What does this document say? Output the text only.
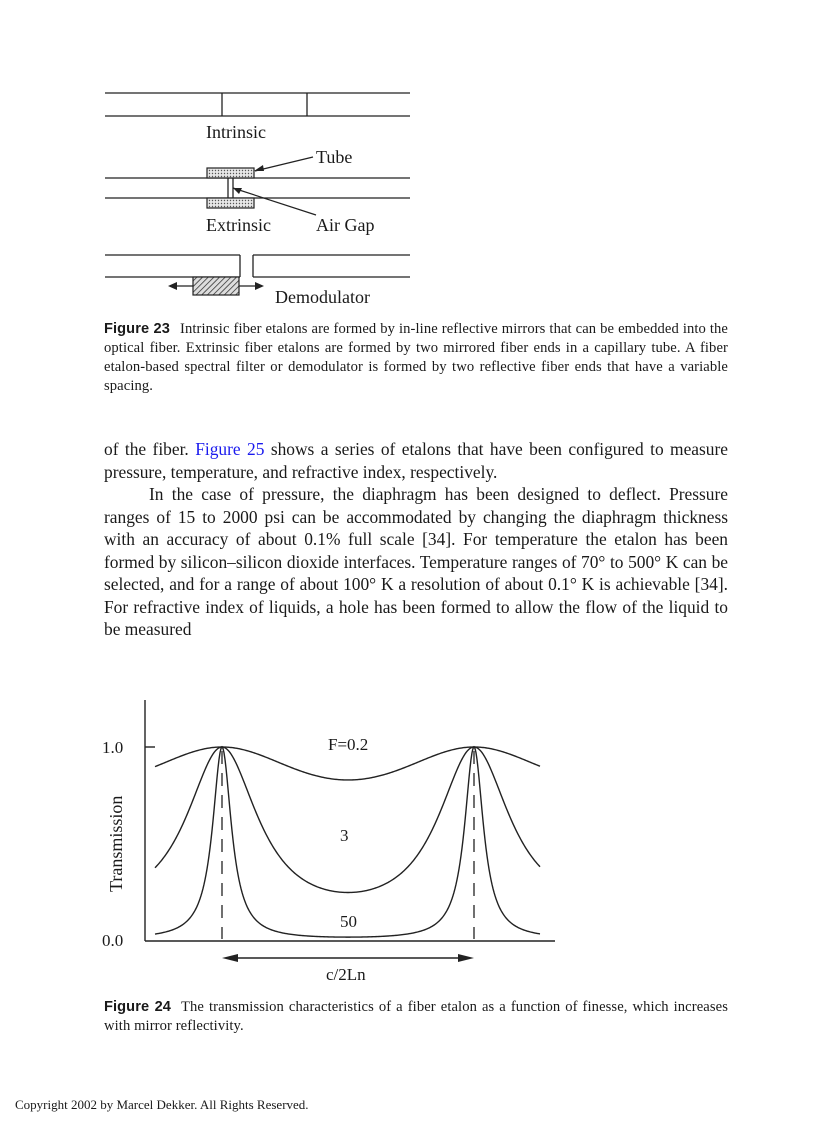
Intrinsic
Tube
Extrinsic	Air Gap
Demodulator
Figure 23 Intrinsic fiber etalons are formed by in-line reflective mirrors that can be embedded into the optical fiber. Extrinsic fiber etalons are formed by two mirrored fiber ends in a capillary tube. A fiber etalon-based spectral filter or demodulator is formed by two reflective fiber ends that have a variable spacing.

of the fiber. Figure 25 shows a series of etalons that have been configured to measure pressure, temperature, and refractive index, respectively.

In the case of pressure, the diaphragm has been designed to deflect. Pressure ranges of 15 to 2000 psi can be accommodated by changing the diaphragm thickness with an accuracy of about 0.1% full scale [34]. For temperature the etalon has been formed by silicon–silicon dioxide interfaces. Temperature ranges of 70° to 500° K can be selected, and for a range of about 100° K a resolution of about 0.1° K is achievable [34]. For refractive index of liquids, a hole has been formed to allow the flow of the liquid to be measured

1.0
0.0
Transmission
c/2Ln
F=0.2
3
50
Figure 24 The transmission characteristics of a fiber etalon as a function of finesse, which increases with mirror reflectivity.
Copyright 2002 by Marcel Dekker. All Rights Reserved.
